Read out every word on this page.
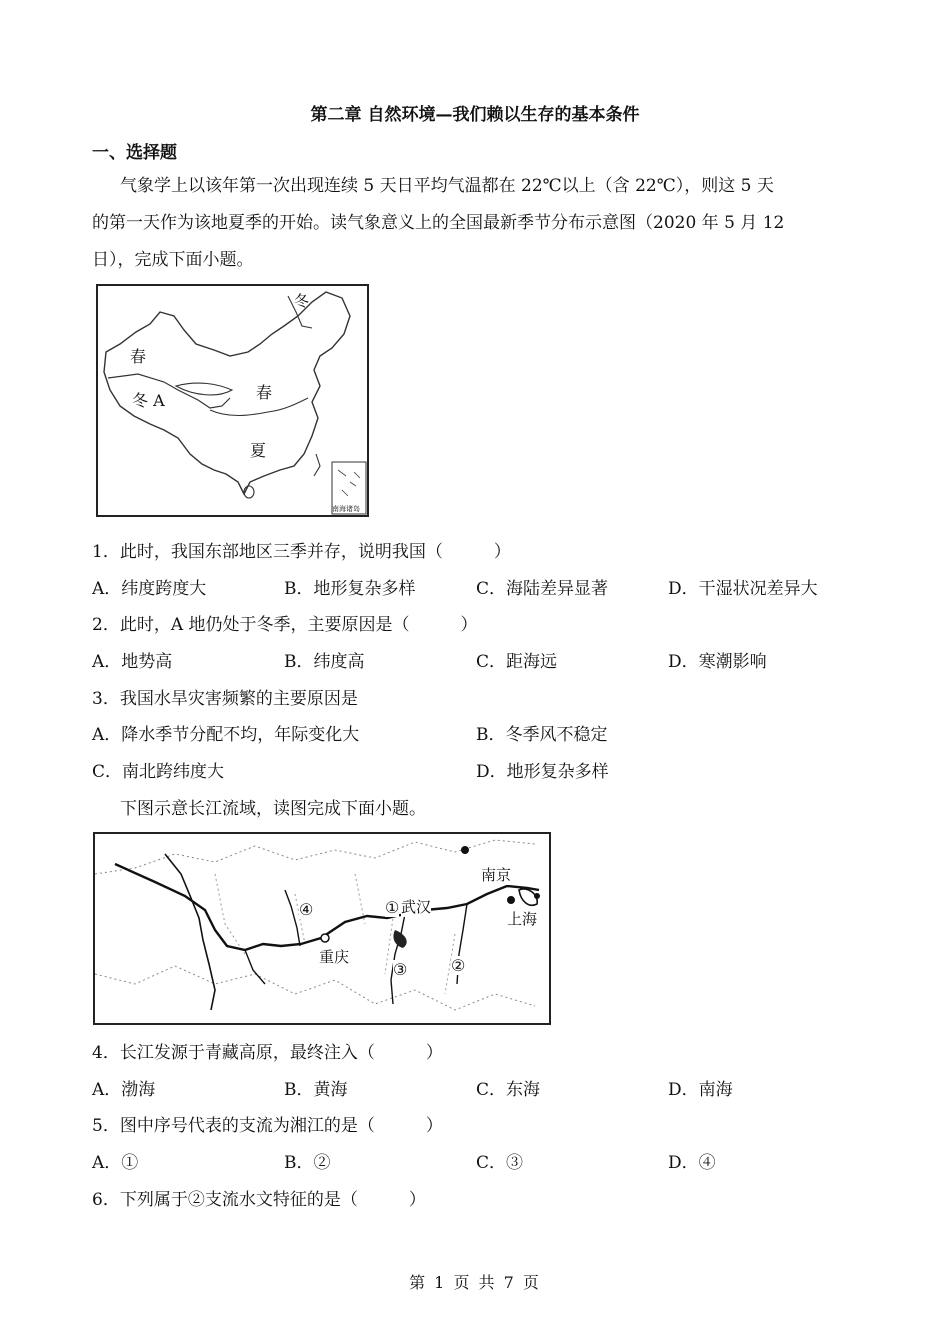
第二章 自然环境—我们赖以生存的基本条件
一、选择题
气象学上以该年第一次出现连续 5 天日平均气温都在 22℃以上（含 22℃），则这 5 天
的第一天作为该地夏季的开始。读气象意义上的全国最新季节分布示意图（2020 年 5 月 12
日），完成下面小题。
春
冬
冬 A	春
夏
南海诸岛
1．此时，我国东部地区三季并存，说明我国（　　　）
A．纬度跨度大	B．地形复杂多样	C．海陆差异显著	D．干湿状况差异大
2．此时，A 地仍处于冬季，主要原因是（　　　）
A．地势高	B．纬度高	C．距海远	D．寒潮影响
3．我国水旱灾害频繁的主要原因是
A．降水季节分配不均，年际变化大	B．冬季风不稳定
C．南北跨纬度大	D．地形复杂多样
下图示意长江流域，读图完成下面小题。
南京
武汉
上海
重庆
①
②
③
④
4．长江发源于青藏高原，最终注入（　　　）
A．渤海	B．黄海	C．东海	D．南海
5．图中序号代表的支流为湘江的是（　　　）
A．①	B．②	C．③	D．④
6．下列属于②支流水文特征的是（　　　）
第 1 页 共 7 页
